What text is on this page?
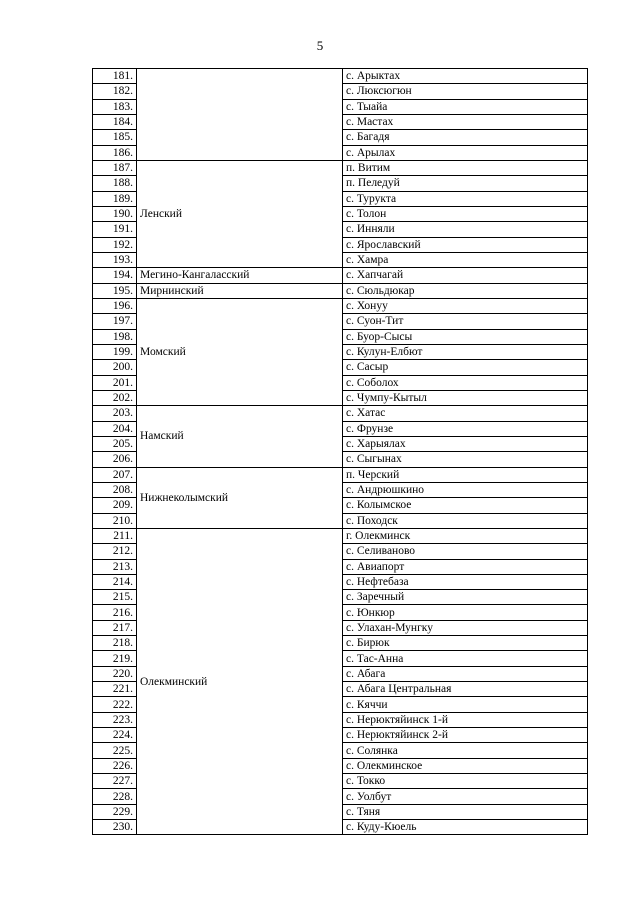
5
181.		с. Арыктах
182.		с. Люксюгюн
183.		с. Тыайа
184.		с. Мастах
185.		с. Багадя
186.		с. Арылах
187.	Ленский	п. Витим
188.		п. Пеледуй
189.		с. Турукта
190.		с. Толон
191.		с. Инняли
192.		с. Ярославский
193.		с. Хамра
194.	Мегино-Кангаласский	с. Хапчагай
195.	Мирнинский	с. Сюльдюкар
196.	Момский	с. Хонуу
197.		с. Суон-Тит
198.		с. Буор-Сысы
199.		с. Кулун-Елбют
200.		с. Сасыр
201.		с. Соболох
202.		с. Чумпу-Кытыл
203.	Намский	с. Хатас
204.		с. Фрунзе
205.		с. Харыялах
206.		с. Сыгынах
207.	Нижнеколымский	п. Черский
208.		с. Андрюшкино
209.		с. Колымское
210.		с. Походск
211.	Олекминский	г. Олекминск
212.		с. Селиваново
213.		с. Авиапорт
214.		с. Нефтебаза
215.		с. Заречный
216.		с. Юнкюр
217.		с. Улахан-Мунгку
218.		с. Бирюк
219.		с. Тас-Анна
220.		с. Абага
221.		с. Абага Центральная
222.		с. Кяччи
223.		с. Нерюктяйинск 1-й
224.		с. Нерюктяйинск 2-й
225.		с. Солянка
226.		с. Олекминское
227.		с. Токко
228.		с. Уолбут
229.		с. Тяня
230.		с. Куду-Кюель
